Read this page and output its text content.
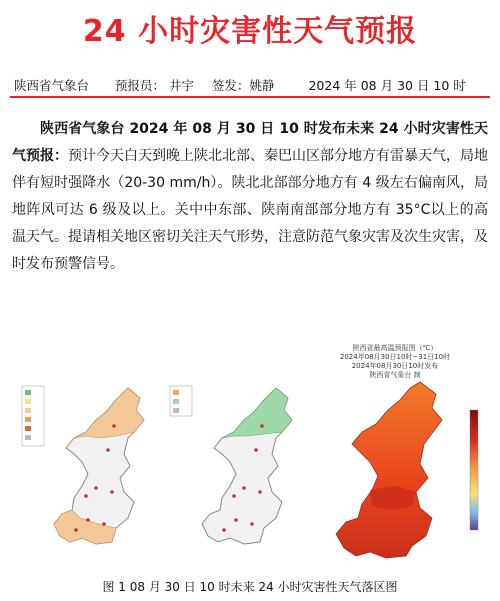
24 小时灾害性天气预报
陕西省气象台 预报员： 井宇 签发：姚静	2024 年 08 月 30 日 10 时
陕西省气象台 2024 年 08 月 30 日 10 时发布未来 24 小时灾害性天气预报：预计今天白天到晚上陕北北部、秦巴山区部分地方有雷暴天气，局地伴有短时强降水（20-30 mm/h）。陕北北部部分地方有 4 级左右偏南风，局地阵风可达 6 级及以上。关中中东部、陕南南部部分地方有 35°C以上的高温天气。提请相关地区密切关注天气形势，注意防范气象灾害及次生灾害，及时发布预警信号。
陕西省最高温预报图（℃）
2024年08月30日10时~31日10时
2024年08月30日10时发布
陕西省气象台 制
图 1 08 月 30 日 10 时未来 24 小时灾害性天气落区图
